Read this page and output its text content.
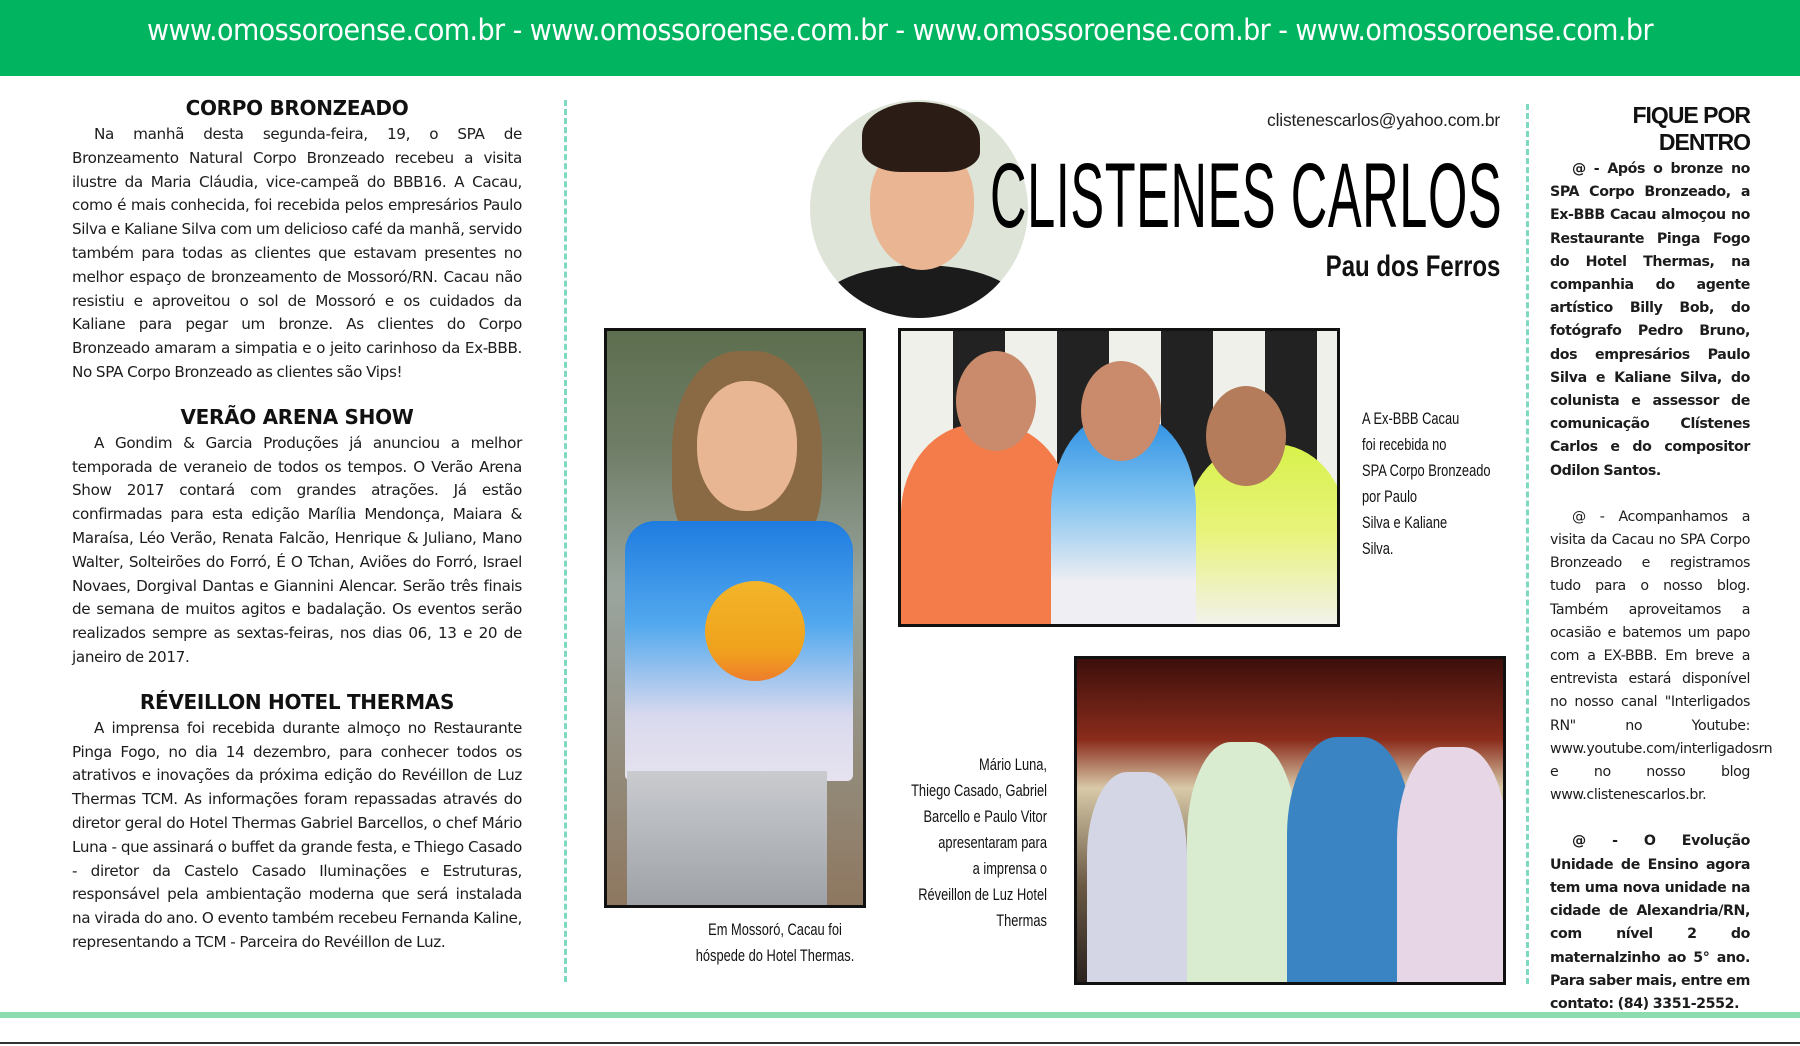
www.omossoroense.com.br - www.omossoroense.com.br - www.omossoroense.com.br - www.omossoroense.com.br
CORPO BRONZEADO

Na manhã desta segunda-feira, 19, o SPA de Bronzeamento Natural Corpo Bronzeado recebeu a visita ilustre da Maria Cláudia, vice-campeã do BBB16. A Cacau, como é mais conhecida, foi recebida pelos empresários Paulo Silva e Kaliane Silva com um delicioso café da manhã, servido também para todas as clientes que estavam presentes no melhor espaço de bronzeamento de Mossoró/RN. Cacau não resistiu e aproveitou o sol de Mossoró e os cuidados da Kaliane para pegar um bronze. As clientes do Corpo Bronzeado amaram a simpatia e o jeito carinhoso da Ex-BBB. No SPA Corpo Bronzeado as clientes são Vips!

VERÃO ARENA SHOW

A Gondim & Garcia Produções já anunciou a melhor temporada de veraneio de todos os tempos. O Verão Arena Show 2017 contará com grandes atrações. Já estão confirmadas para esta edição Marília Mendonça, Maiara & Maraísa, Léo Verão, Renata Falcão, Henrique & Juliano, Mano Walter, Solteirões do Forró, É O Tchan, Aviões do Forró, Israel Novaes, Dorgival Dantas e Giannini Alencar. Serão três finais de semana de muitos agitos e badalação. Os eventos serão realizados sempre as sextas-feiras, nos dias 06, 13 e 20 de janeiro de 2017.

RÉVEILLON HOTEL THERMAS

A imprensa foi recebida durante almoço no Restaurante Pinga Fogo, no dia 14 dezembro, para conhecer todos os atrativos e inovações da próxima edição do Revéillon de Luz Thermas TCM. As informações foram repassadas através do diretor geral do Hotel Thermas Gabriel Barcellos, o chef Mário Luna - que assinará o buffet da grande festa, e Thiego Casado - diretor da Castelo Casado Iluminações e Estruturas, responsável pela ambientação moderna que será instalada na virada do ano. O evento também recebeu Fernanda Kaline, representando a TCM - Parceira do Revéillon de Luz.

clistenescarlos@yahoo.com.br
CLISTENES CARLOS
Pau dos Ferros
Em Mossoró, Cacau foi
hóspede do Hotel Thermas.
A Ex-BBB Cacau
foi recebida no
SPA Corpo Bronzeado
por Paulo
Silva e Kaliane
Silva.
Mário Luna,
Thiego Casado, Gabriel
Barcello e Paulo Vitor
apresentaram para
a imprensa o
Réveillon de Luz Hotel
Thermas
FIQUE POR DENTRO

@ - Após o bronze no SPA Corpo Bronzeado, a Ex-BBB Cacau almoçou no Restaurante Pinga Fogo do Hotel Thermas, na companhia do agente artístico Billy Bob, do fotógrafo Pedro Bruno, dos empresários Paulo Silva e Kaliane Silva, do colunista e assessor de comunicação Clístenes Carlos e do compositor Odilon Santos.

@ - Acompanhamos a visita da Cacau no SPA Corpo Bronzeado e registramos tudo para o nosso blog. Também aproveitamos a ocasião e batemos um papo com a EX-BBB. Em breve a entrevista estará disponível no nosso canal "Interligados RN" no Youtube: www.youtube.com/interligadosrn e no nosso blog www.clistenescarlos.br.

@ - O Evolução Unidade de Ensino agora tem uma nova unidade na cidade de Alexandria/RN, com nível 2 do maternalzinho ao 5° ano. Para saber mais, entre em contato: (84) 3351-2552.
